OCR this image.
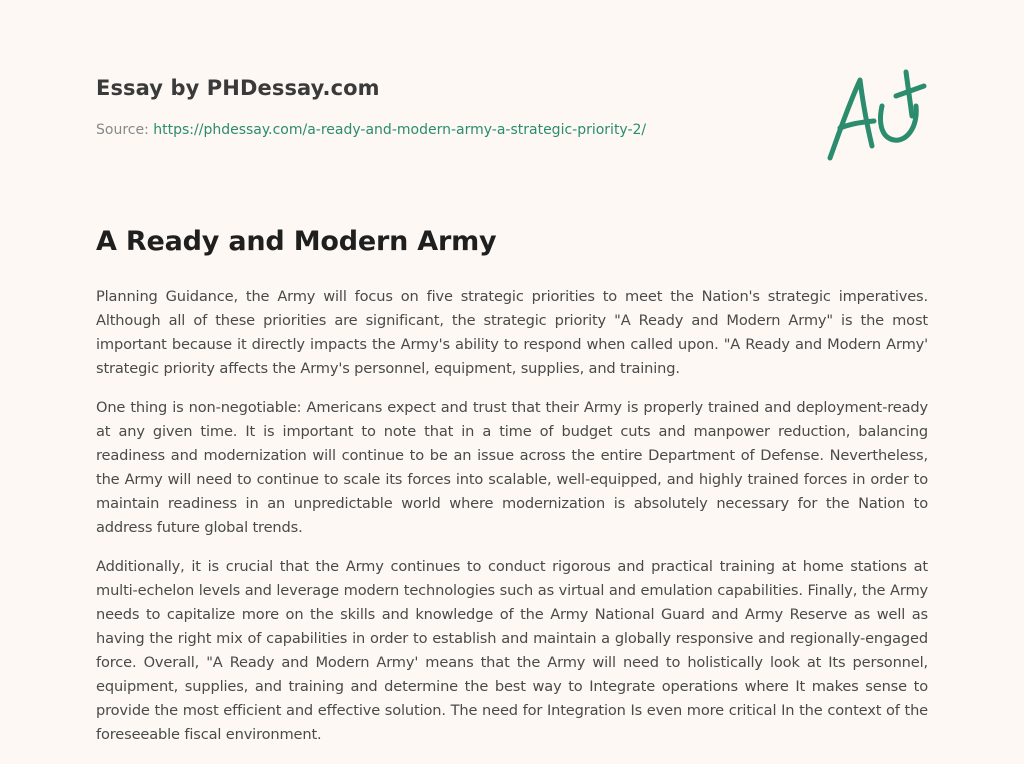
Essay by PHDessay.com
Source: https://phdessay.com/a-ready-and-modern-army-a-strategic-priority-2/
A Ready and Modern Army

Planning Guidance, the Army will focus on five strategic priorities to meet the Nation's strategic imperatives. Although all of these priorities are significant, the strategic priority "A Ready and Modern Army" is the most important because it directly impacts the Army's ability to respond when called upon. "A Ready and Modern Army' strategic priority affects the Army's personnel, equipment, supplies, and training.

One thing is non-negotiable: Americans expect and trust that their Army is properly trained and deployment-ready at any given time. It is important to note that in a time of budget cuts and manpower reduction, balancing readiness and modernization will continue to be an issue across the entire Department of Defense. Nevertheless, the Army will need to continue to scale its forces into scalable, well-equipped, and highly trained forces in order to maintain readiness in an unpredictable world where modernization is absolutely necessary for the Nation to address future global trends.

Additionally, it is crucial that the Army continues to conduct rigorous and practical training at home stations at multi-echelon levels and leverage modern technologies such as virtual and emulation capabilities. Finally, the Army needs to capitalize more on the skills and knowledge of the Army National Guard and Army Reserve as well as having the right mix of capabilities in order to establish and maintain a globally responsive and regionally-engaged force. Overall, "A Ready and Modern Army' means that the Army will need to holistically look at Its personnel, equipment, supplies, and training and determine the best way to Integrate operations where It makes sense to provide the most efficient and effective solution. The need for Integration Is even more critical In the context of the foreseeable fiscal environment.
